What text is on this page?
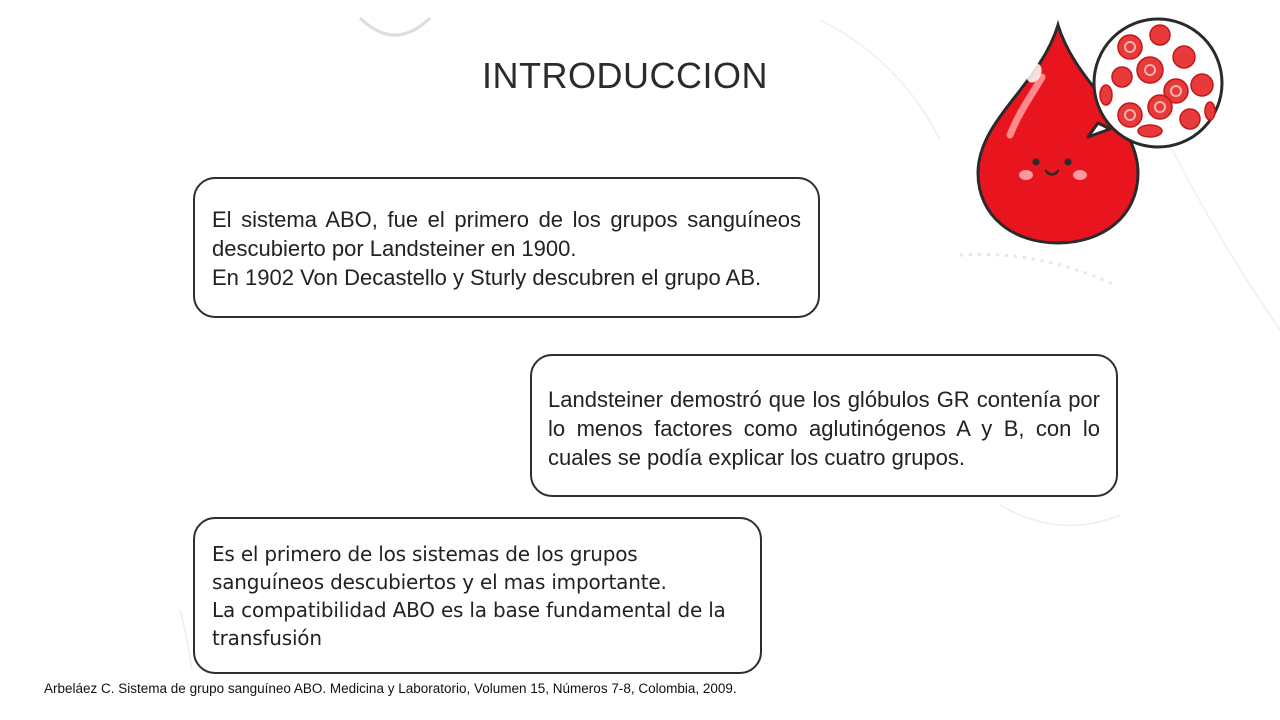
INTRODUCCION

El sistema ABO, fue el primero de los grupos sanguíneos descubierto por Landsteiner en 1900.

En 1902 Von Decastello y Sturly descubren el grupo AB.

Landsteiner demostró que los glóbulos GR contenía por lo menos factores como aglutinógenos A y B, con lo cuales se podía explicar los cuatro grupos.

Es el primero de los sistemas de los grupos sanguíneos descubiertos y el mas importante.

La compatibilidad ABO es la base fundamental de la transfusión

Arbeláez C. Sistema de grupo sanguíneo ABO. Medicina y Laboratorio, Volumen 15, Números 7-8, Colombia, 2009.
